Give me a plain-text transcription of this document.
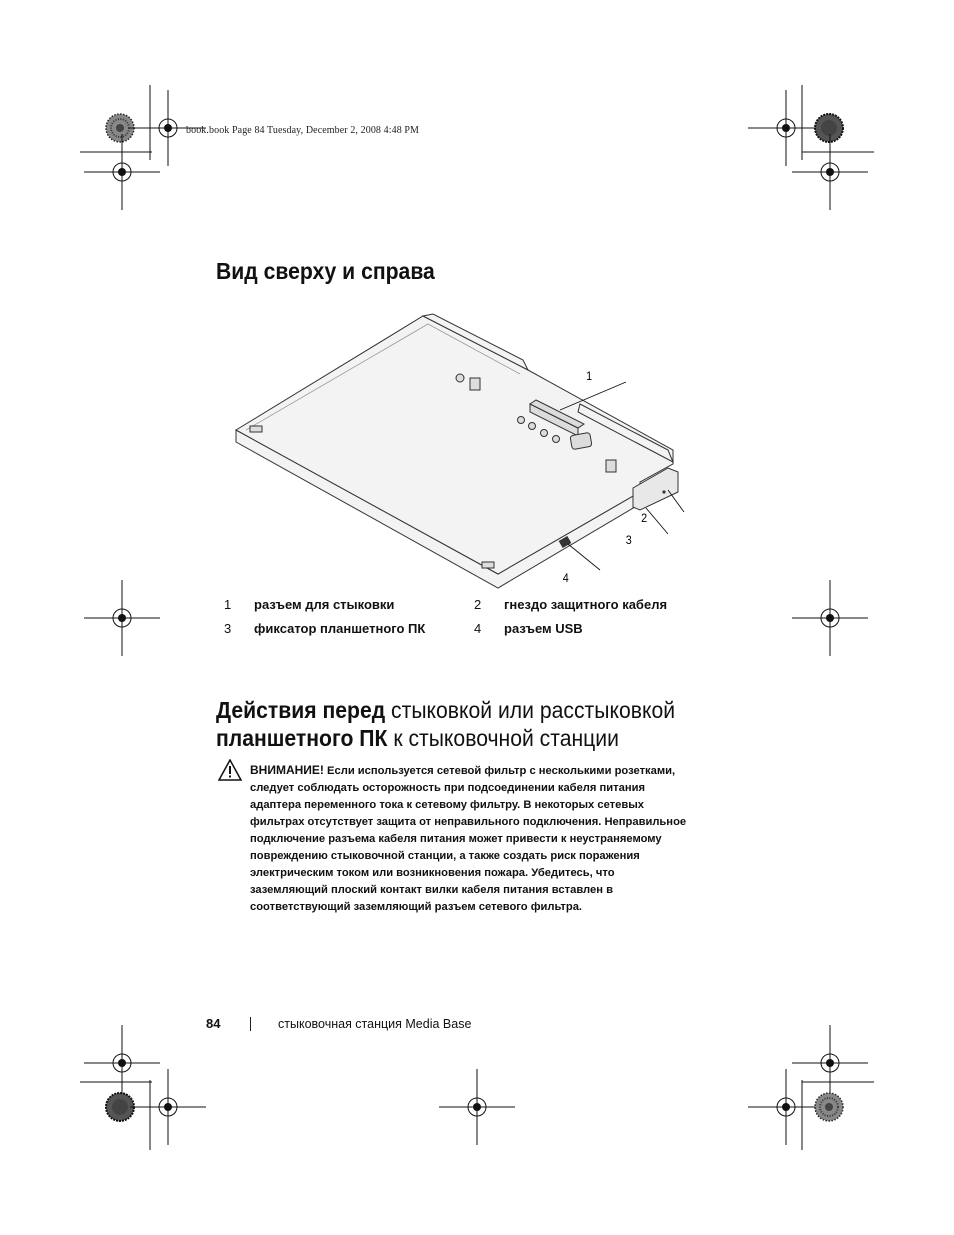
book.book Page 84 Tuesday, December 2, 2008 4:48 PM
Вид сверху и справа
1
2
3
4
1 разъем для стыковки	2 гнездо защитного кабеля
3 фиксатор планшетного ПК	4 разъем USB
Действия перед стыковкой или расстыковкой
планшетного ПК к стыковочной станции
ВНИМАНИЕ! Если используется сетевой фильтр с несколькими розетками,
следует соблюдать осторожность при подсоединении кабеля питания
адаптера переменного тока к сетевому фильтру. В некоторых сетевых
фильтрах отсутствует защита от неправильного подключения. Неправильное
подключение разъема кабеля питания может привести к неустраняемому
повреждению стыковочной станции, а также создать риск поражения
электрическим током или возникновения пожара. Убедитесь, что
заземляющий плоский контакт вилки кабеля питания вставлен в
соответствующий заземляющий разъем сетевого фильтра.
84	стыковочная станция Media Base
